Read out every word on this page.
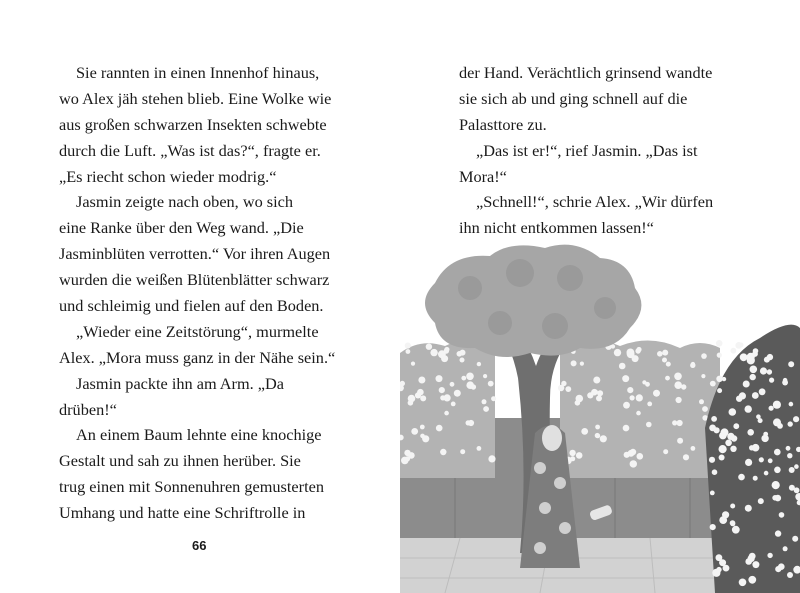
Sie rannten in einen Innenhof hinaus,
wo Alex jäh stehen blieb. Eine Wolke wie
aus großen schwarzen Insekten schwebte
durch die Luft. „Was ist das?“, fragte er.
„Es riecht schon wieder modrig.“
Jasmin zeigte nach oben, wo sich
eine Ranke über den Weg wand. „Die
Jasminblüten verrotten.“ Vor ihren Augen
wurden die weißen Blütenblätter schwarz
und schleimig und fielen auf den Boden.
„Wieder eine Zeitstörung“, murmelte
Alex. „Mora muss ganz in der Nähe sein.“
Jasmin packte ihn am Arm. „Da
drüben!“
An einem Baum lehnte eine knochige
Gestalt und sah zu ihnen herüber. Sie
trug einen mit Sonnenuhren gemusterten
Umhang und hatte eine Schriftrolle in
66
der Hand. Verächtlich grinsend wandte
sie sich ab und ging schnell auf die
Palasttore zu.
„Das ist er!“, rief Jasmin. „Das ist
Mora!“
„Schnell!“, schrie Alex. „Wir dürfen
ihn nicht entkommen lassen!“
